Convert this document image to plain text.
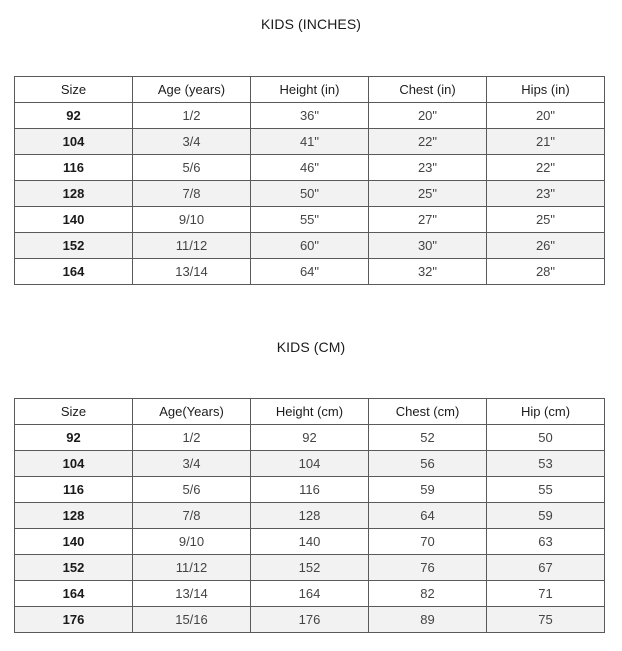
KIDS (INCHES)
Size	Age (years)	Height (in)	Chest (in)	Hips (in)
92	1/2	36"	20"	20"
104	3/4	41"	22"	21"
116	5/6	46"	23"	22"
128	7/8	50"	25"	23"
140	9/10	55"	27"	25"
152	11/12	60"	30"	26"
164	13/14	64"	32"	28"
KIDS (CM)
Size	Age(Years)	Height (cm)	Chest (cm)	Hip (cm)
92	1/2	92	52	50
104	3/4	104	56	53
116	5/6	116	59	55
128	7/8	128	64	59
140	9/10	140	70	63
152	11/12	152	76	67
164	13/14	164	82	71
176	15/16	176	89	75
